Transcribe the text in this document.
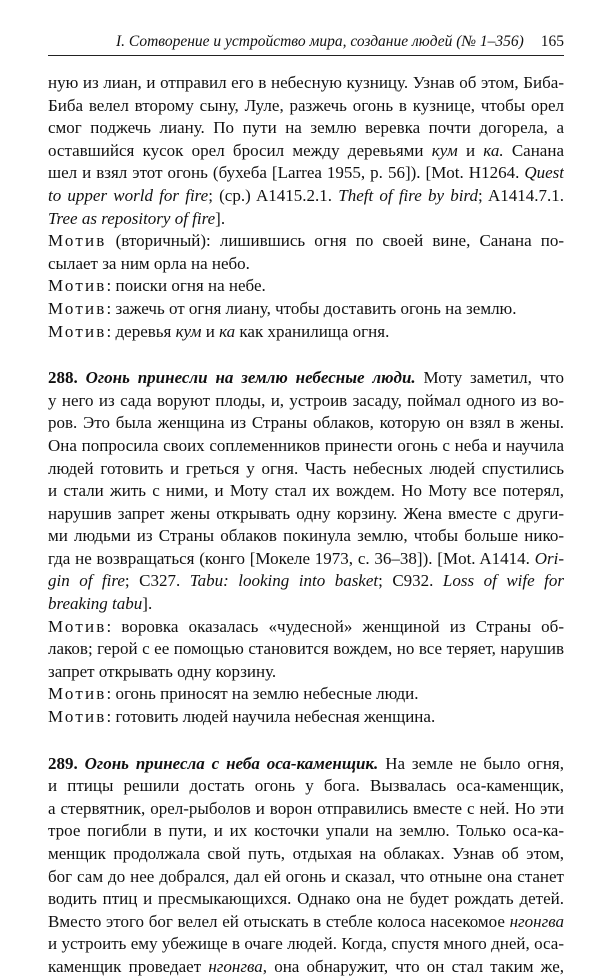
I. Сотворение и устройство мира, создание людей (№ 1–356) 165
ную из лиан, и отправил его в небесную кузницу. Узнав об этом, Биба-
Биба велел второму сыну, Луле, разжечь огонь в кузнице, чтобы орел
смог поджечь лиану. По пути на землю веревка почти догорела, а
оставшийся кусок орел бросил между деревьями кум и ка. Санана
шел и взял этот огонь (бухеба [Larrea 1955, p. 56]). [Mot. H1264. Quest
to upper world for fire; (cp.) A1415.2.1. Theft of fire by bird; A1414.7.1.
Tree as repository of fire].
Мотив (вторичный): лишившись огня по своей вине, Санана по-
сылает за ним орла на небо.
Мотив: поиски огня на небе.
Мотив: зажечь от огня лиану, чтобы доставить огонь на землю.
Мотив: деревья кум и ка как хранилища огня.
288. Огонь принесли на землю небесные люди. Моту заметил, что
у него из сада воруют плоды, и, устроив засаду, поймал одного из во-
ров. Это была женщина из Страны облаков, которую он взял в жены.
Она попросила своих соплеменников принести огонь с неба и научила
людей готовить и греться у огня. Часть небесных людей спустились
и стали жить с ними, и Моту стал их вождем. Но Моту все потерял,
нарушив запрет жены открывать одну корзину. Жена вместе с други-
ми людьми из Страны облаков покинула землю, чтобы больше нико-
гда не возвращаться (конго [Мокеле 1973, с. 36–38]). [Mot. A1414. Ori-
gin of fire; C327. Tabu: looking into basket; C932. Loss of wife for
breaking tabu].
Мотив: воровка оказалась «чудесной» женщиной из Страны об-
лаков; герой с ее помощью становится вождем, но все теряет, нарушив
запрет открывать одну корзину.
Мотив: огонь приносят на землю небесные люди.
Мотив: готовить людей научила небесная женщина.
289. Огонь принесла с неба оса-каменщик. На земле не было огня,
и птицы решили достать огонь у бога. Вызвалась оса-каменщик,
а стервятник, орел-рыболов и ворон отправились вместе с ней. Но эти
трое погибли в пути, и их косточки упали на землю. Только оса-ка-
менщик продолжала свой путь, отдыхая на облаках. Узнав об этом,
бог сам до нее добрался, дал ей огонь и сказал, что отныне она станет
водить птиц и пресмыкающихся. Однако она не будет рождать детей.
Вместо этого бог велел ей отыскать в стебле колоса насекомое нгонгва
и устроить ему убежище в очаге людей. Когда, спустя много дней, оса-
каменщик проведает нгонгва, она обнаружит, что он стал таким же,
